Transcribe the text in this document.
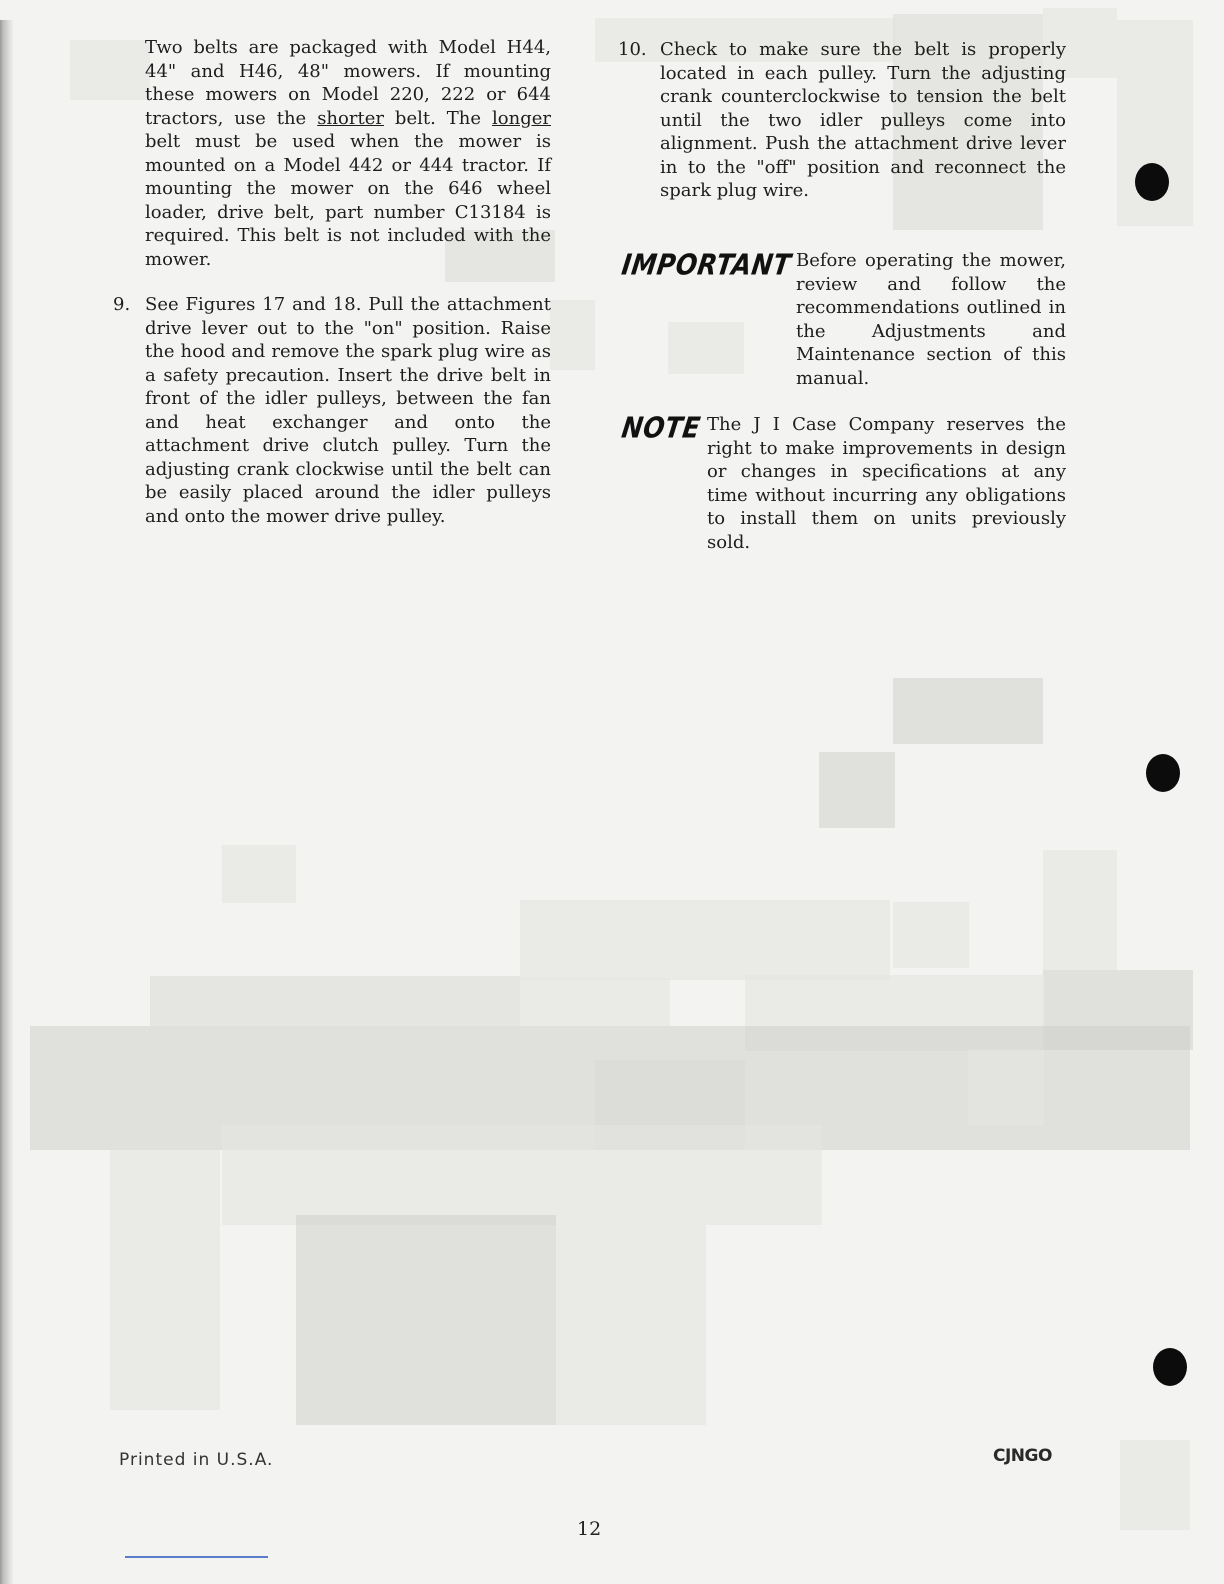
Two belts are packaged with Model H44, 44" and H46, 48" mowers. If mounting these mowers on Model 220, 222 or 644 tractors, use the shorter belt. The longer belt must be used when the mower is mounted on a Model 442 or 444 tractor. If mounting the mower on the 646 wheel loader, drive belt, part number C13184 is required. This belt is not included with the mower.

9. See Figures 17 and 18. Pull the attachment drive lever out to the "on" position. Raise the hood and remove the spark plug wire as a safety precaution. Insert the drive belt in front of the idler pulleys, between the fan and heat exchanger and onto the attachment drive clutch pulley. Turn the adjusting crank clockwise until the belt can be easily placed around the idler pulleys and onto the mower drive pulley.

10. Check to make sure the belt is properly located in each pulley. Turn the adjusting crank counterclockwise to tension the belt until the two idler pulleys come into alignment. Push the attachment drive lever in to the "off" position and reconnect the spark plug wire.
IMPORTANT Before operating the mower, review and follow the recommendations outlined in the Adjustments and Maintenance section of this manual.
NOTE The J I Case Company reserves the right to make improvements in design or changes in specifications at any time without incurring any obligations to install them on units previously sold.
Printed in U.S.A.	CJNGO
12
